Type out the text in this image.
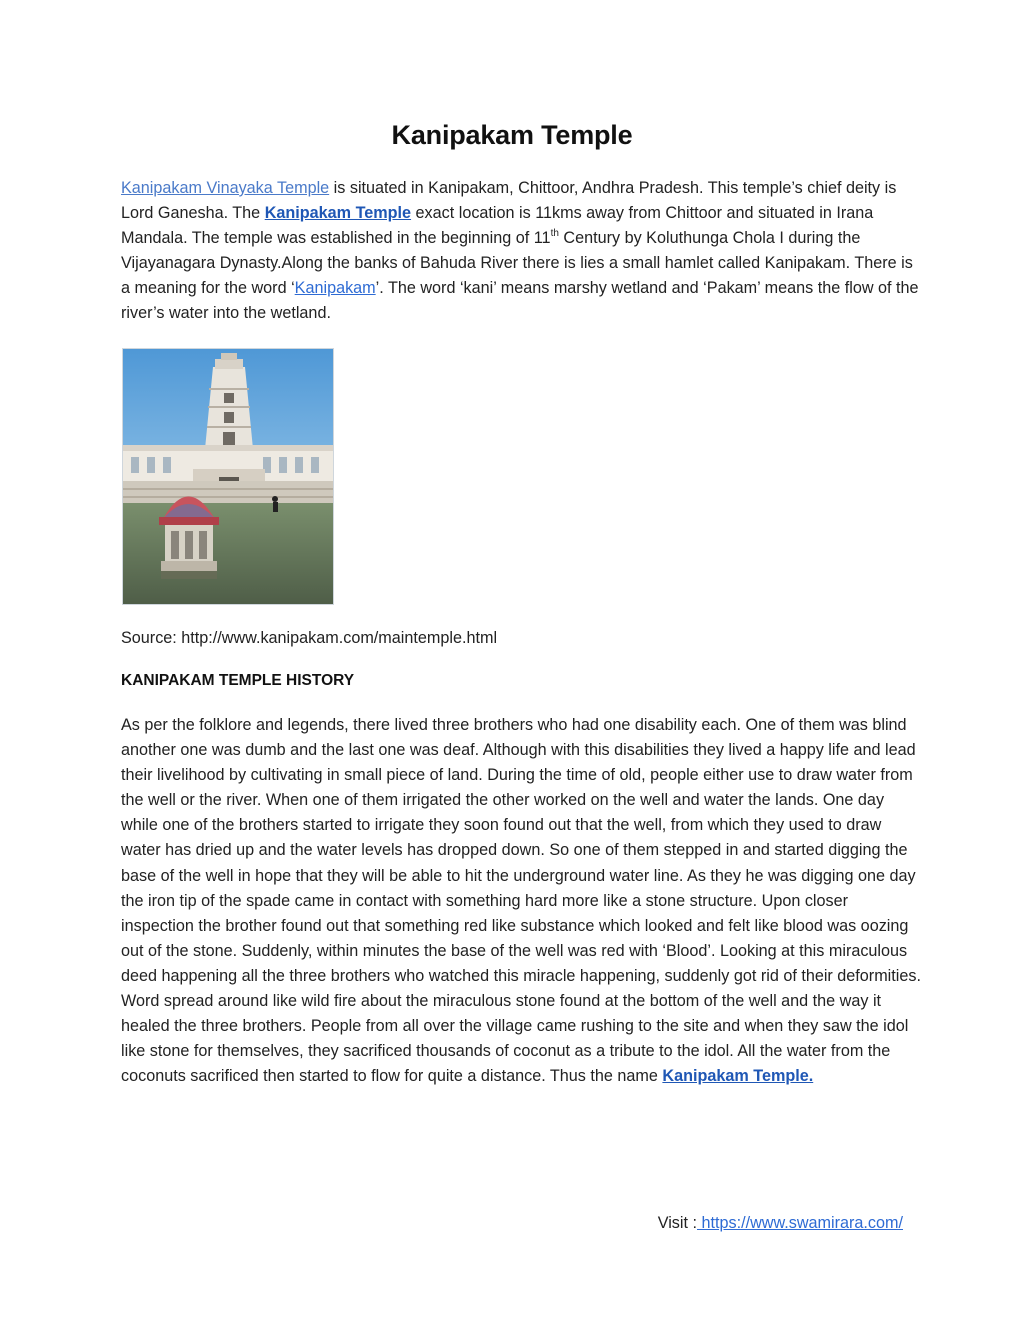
Kanipakam Temple

Kanipakam Vinayaka Temple is situated in Kanipakam, Chittoor, Andhra Pradesh. This temple’s chief deity is Lord Ganesha. The Kanipakam Temple exact location is 11kms away from Chittoor and situated in Irana Mandala. The temple was established in the beginning of 11th Century by Koluthunga Chola I during the Vijayanagara Dynasty.Along the banks of Bahuda River there is lies a small hamlet called Kanipakam. There is a meaning for the word ‘Kanipakam’. The word ‘kani’ means marshy wetland and ‘Pakam’ means the flow of the river’s water into the wetland.

Source: http://www.kanipakam.com/maintemple.html
KANIPAKAM TEMPLE HISTORY

As per the folklore and legends, there lived three brothers who had one disability each. One of them was blind another one was dumb and the last one was deaf. Although with this disabilities they lived a happy life and lead their livelihood by cultivating in small piece of land. During the time of old, people either use to draw water from the well or the river. When one of them irrigated the other worked on the well and water the lands. One day while one of the brothers started to irrigate they soon found out that the well, from which they used to draw water has dried up and the water levels has dropped down. So one of them stepped in and started digging the base of the well in hope that they will be able to hit the underground water line. As they he was digging one day the iron tip of the spade came in contact with something hard more like a stone structure. Upon closer inspection the brother found out that something red like substance which looked and felt like blood was oozing out of the stone. Suddenly, within minutes the base of the well was red with ‘Blood’. Looking at this miraculous deed happening all the three brothers who watched this miracle happening, suddenly got rid of their deformities. Word spread around like wild fire about the miraculous stone found at the bottom of the well and the way it healed the three brothers. People from all over the village came rushing to the site and when they saw the idol like stone for themselves, they sacrificed thousands of coconut as a tribute to the idol. All the water from the coconuts sacrificed then started to flow for quite a distance. Thus the name Kanipakam Temple.

Visit : https://www.swamirara.com/
